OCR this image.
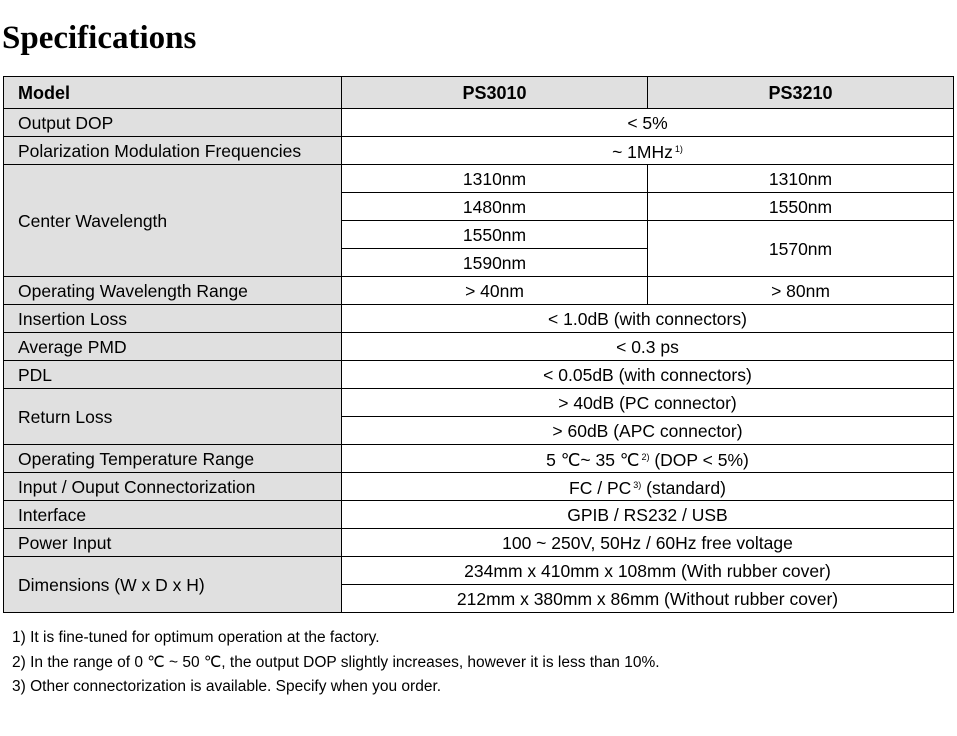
Specifications
Model	PS3010	PS3210
Output DOP	< 5%	
Polarization Modulation Frequencies	~ 1MHz $^{1)}$
Center Wavelength	1310nm	1310nm
	1480nm	1550nm
	1550nm	1570nm
	1590nm	
Operating Wavelength Range	> 40nm	> 80nm
Insertion Loss	< 1.0dB (with connectors)	
Average PMD	< 0.3 ps	
PDL	< 0.05dB (with connectors)	
Return Loss	> 40dB (PC connector)	
	> 60dB (APC connector)	
Operating Temperature Range	5 ℃~ 35 ℃ $^{2)}$ (DOP < 5%)	
Input / Ouput Connectorization	FC / PC $^{3)}$ (standard)	
Interface	GPIB / RS232 / USB	
Power Input	100 ~ 250V, 50Hz / 60Hz free voltage	
Dimensions (W x D x H)	234mm x 410mm x 108mm (With rubber cover)	
	212mm x 380mm x 86mm (Without rubber cover)	
1) It is fine-tuned for optimum operation at the factory.
2) In the range of 0 ℃ ~ 50 ℃, the output DOP slightly increases, however it is less than 10%.
3) Other connectorization is available. Specify when you order.
